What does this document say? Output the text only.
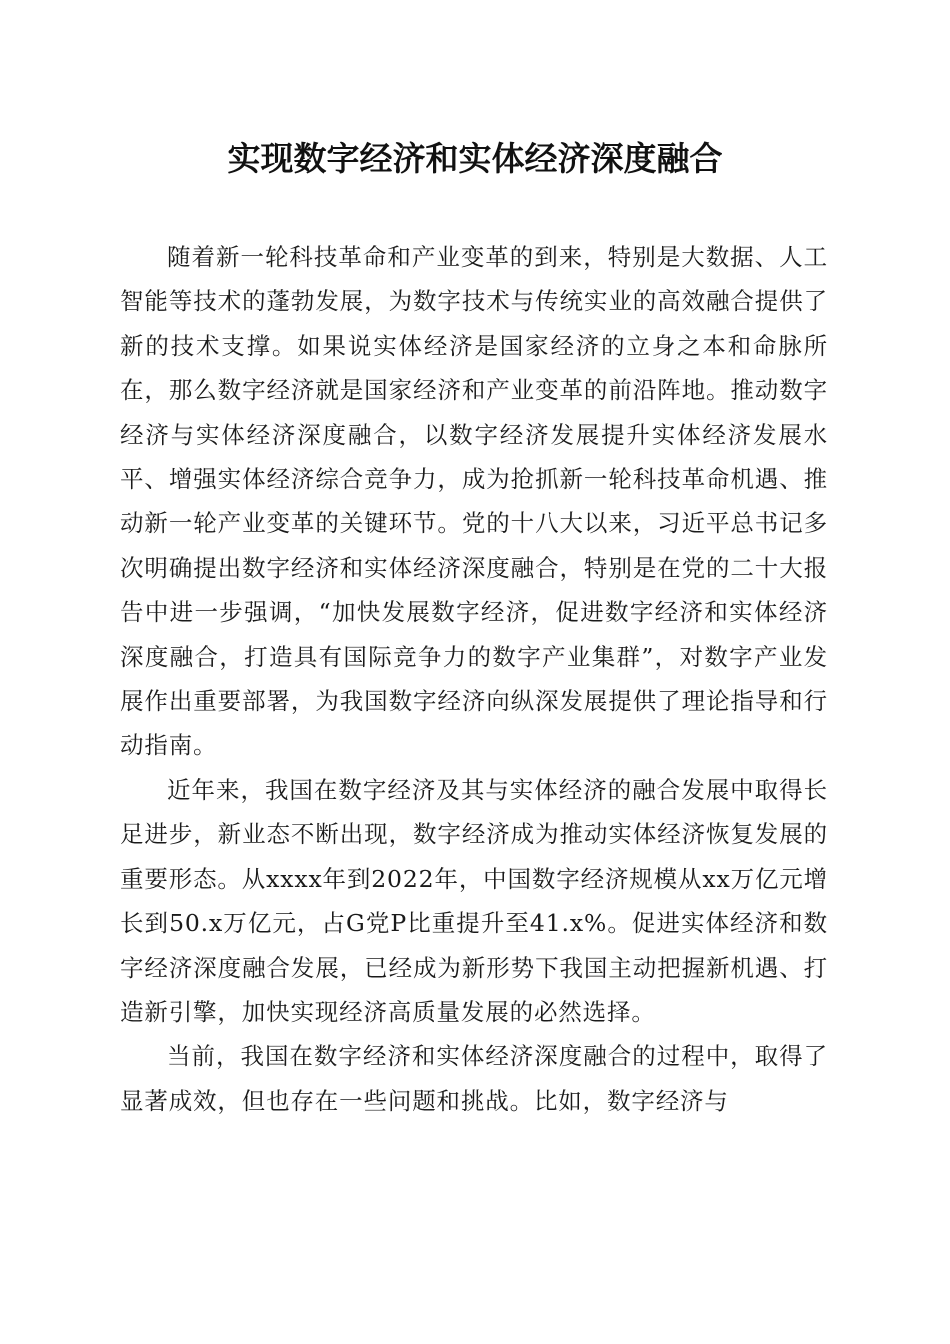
实现数字经济和实体经济深度融合

随着新一轮科技革命和产业变革的到来，特别是大数据、人工智能等技术的蓬勃发展，为数字技术与传统实业的高效融合提供了新的技术支撑。如果说实体经济是国家经济的立身之本和命脉所在，那么数字经济就是国家经济和产业变革的前沿阵地。推动数字经济与实体经济深度融合，以数字经济发展提升实体经济发展水平、增强实体经济综合竞争力，成为抢抓新一轮科技革命机遇、推动新一轮产业变革的关键环节。党的十八大以来，习近平总书记多次明确提出数字经济和实体经济深度融合，特别是在党的二十大报告中进一步强调，“加快发展数字经济，促进数字经济和实体经济深度融合，打造具有国际竞争力的数字产业集群”，对数字产业发展作出重要部署，为我国数字经济向纵深发展提供了理论指导和行动指南。

近年来，我国在数字经济及其与实体经济的融合发展中取得长足进步，新业态不断出现，数字经济成为推动实体经济恢复发展的重要形态。从xxxx年到2022年，中国数字经济规模从xx万亿元增长到50.x万亿元，占G党P比重提升至41.x%。促进实体经济和数字经济深度融合发展，已经成为新形势下我国主动把握新机遇、打造新引擎，加快实现经济高质量发展的必然选择。

当前，我国在数字经济和实体经济深度融合的过程中，取得了显著成效，但也存在一些问题和挑战。比如，数字经济与
